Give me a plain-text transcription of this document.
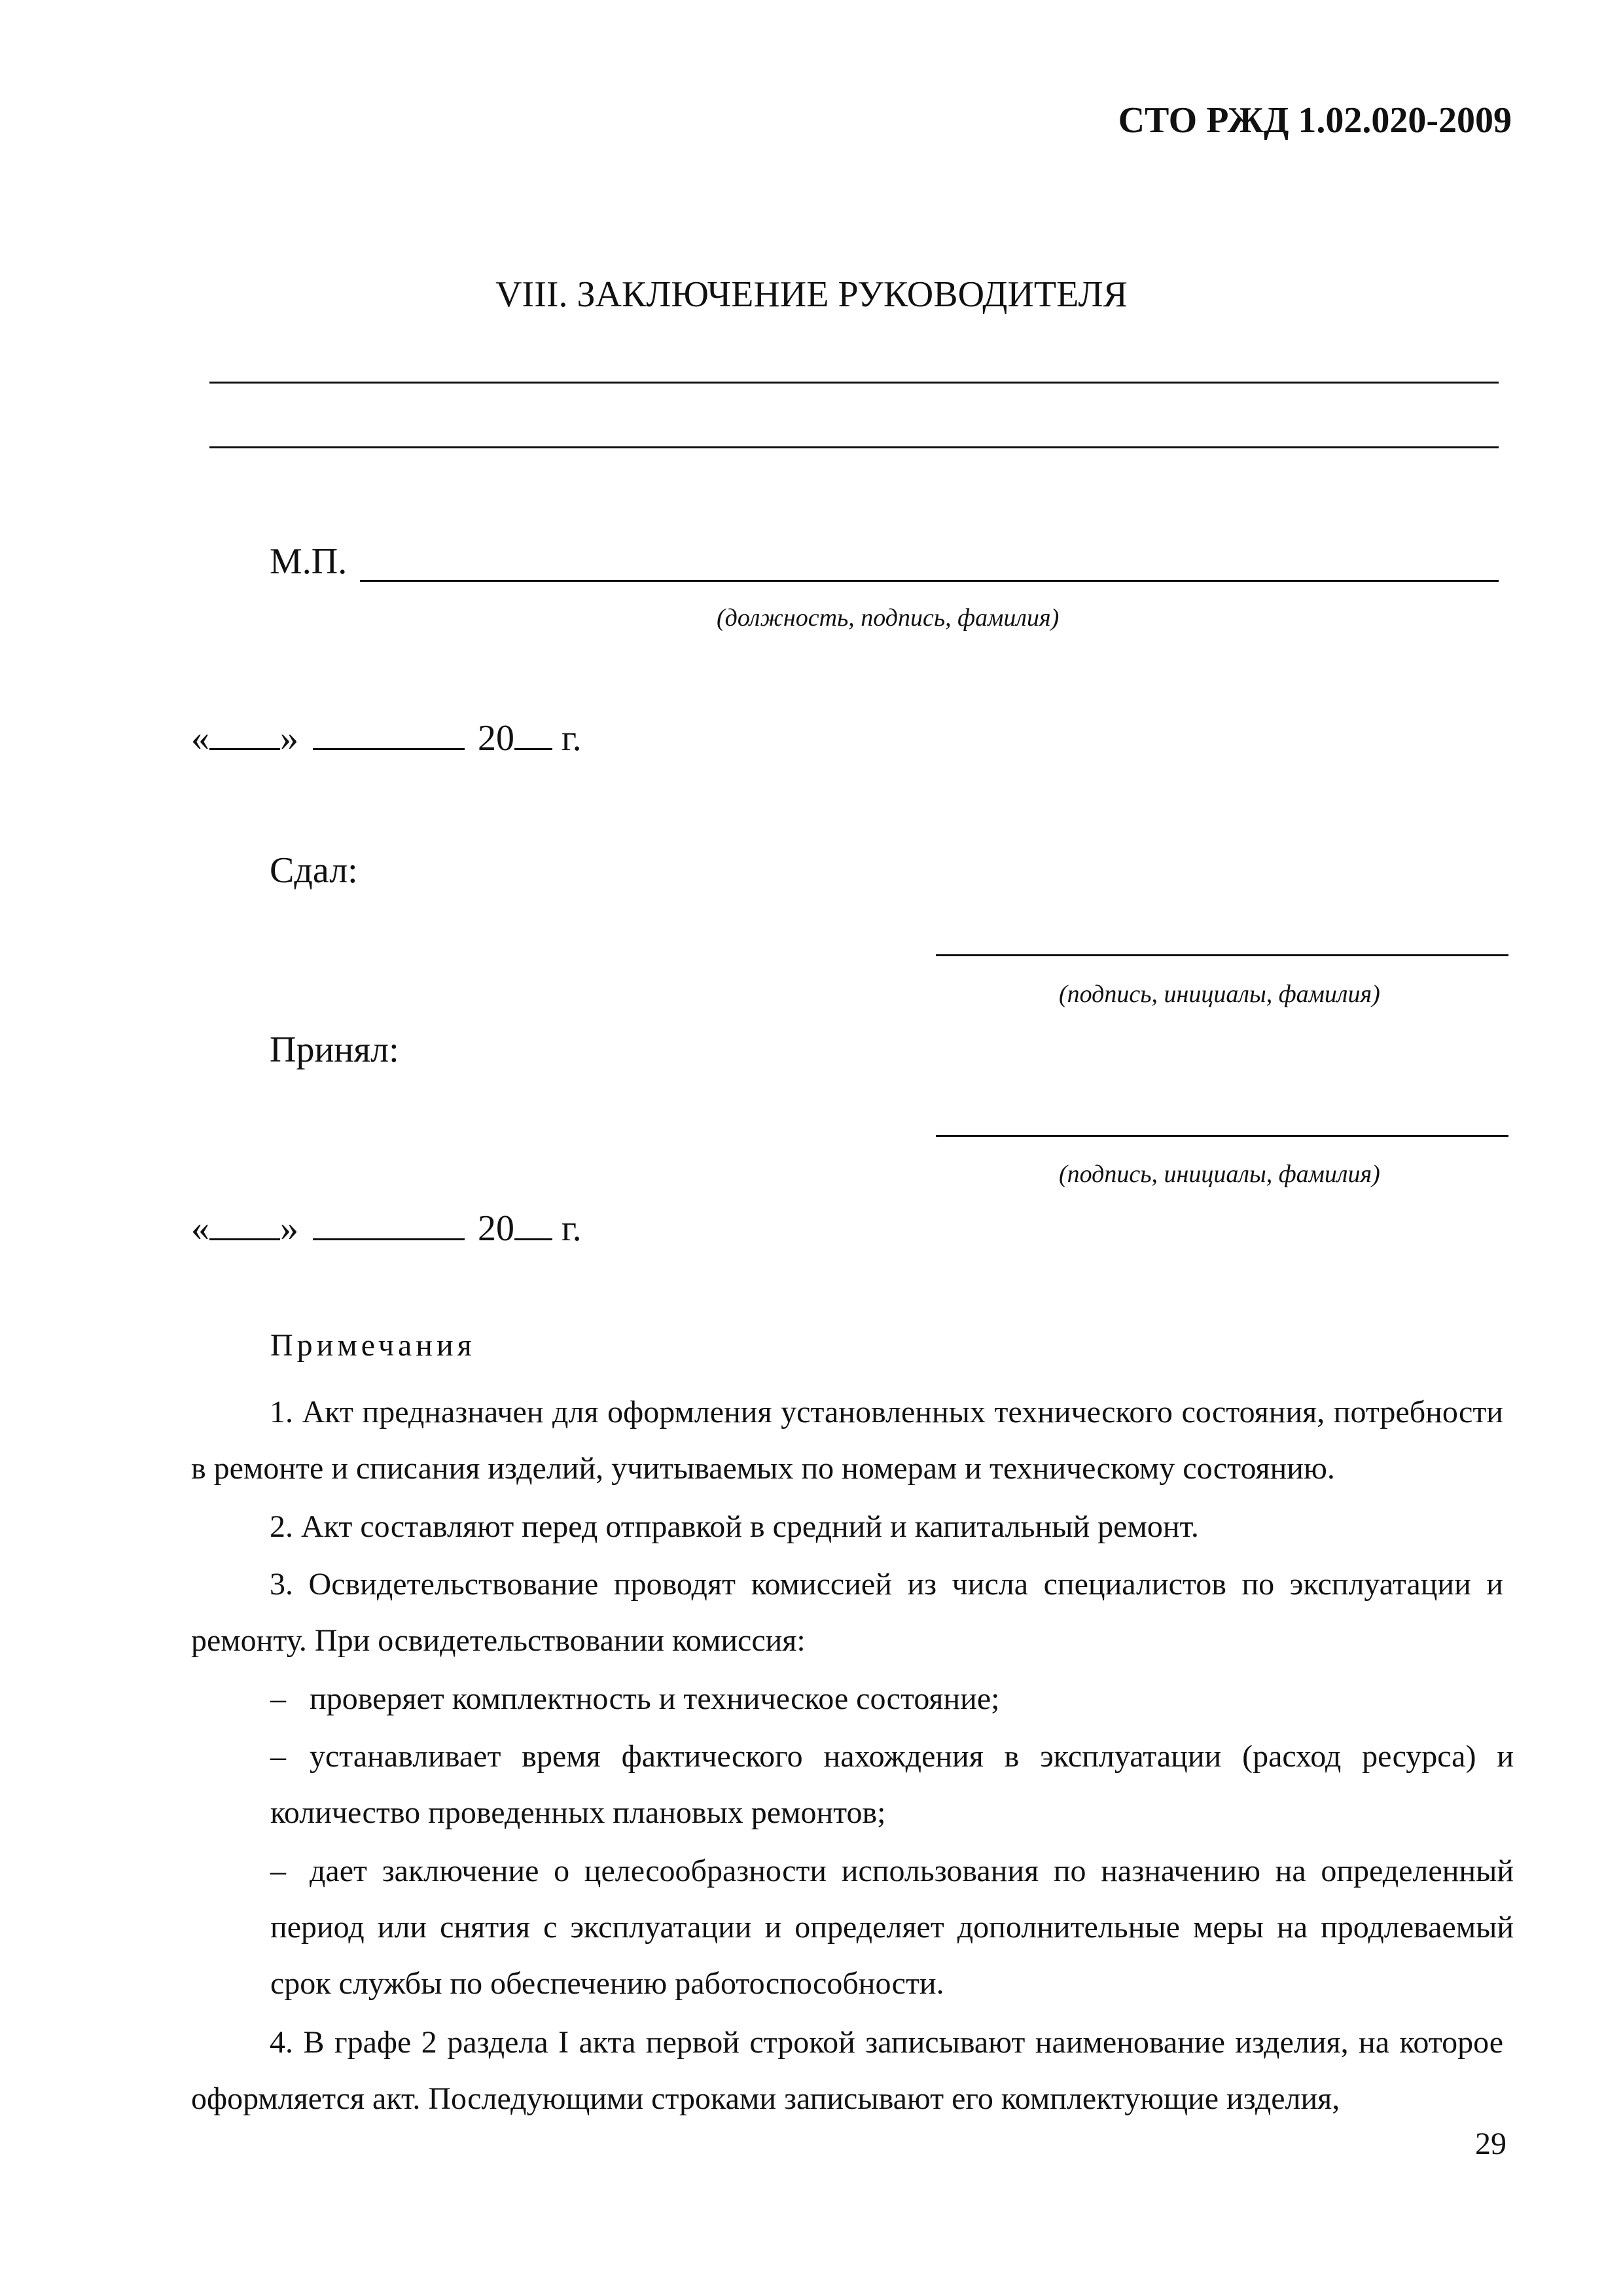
СТО РЖД 1.02.020-2009
VIII. ЗАКЛЮЧЕНИЕ РУКОВОДИТЕЛЯ
М.П.
(должность, подпись, фамилия)
« »	20 г.
Сдал:
(подпись, инициалы, фамилия)
Принял:
(подпись, инициалы, фамилия)
« »	20 г.
Примечания
1. Акт предназначен для оформления установленных технического состояния, потребности в ремонте и списания изделий, учитываемых по номерам и техническому состоянию.
2. Акт составляют перед отправкой в средний и капитальный ремонт.
3. Освидетельствование проводят комиссией из числа специалистов по эксплуатации и ремонту. При освидетельствовании комиссия:
– проверяет комплектность и техническое состояние;
– устанавливает время фактического нахождения в эксплуатации (расход ресурса) и количество проведенных плановых ремонтов;
– дает заключение о целесообразности использования по назначению на определенный период или снятия с эксплуатации и определяет дополнительные меры на продлеваемый срок службы по обеспечению работоспособности.
4. В графе 2 раздела I акта первой строкой записывают наименование изделия, на которое оформляется акт. Последующими строками записывают его комплектующие изделия,
29
